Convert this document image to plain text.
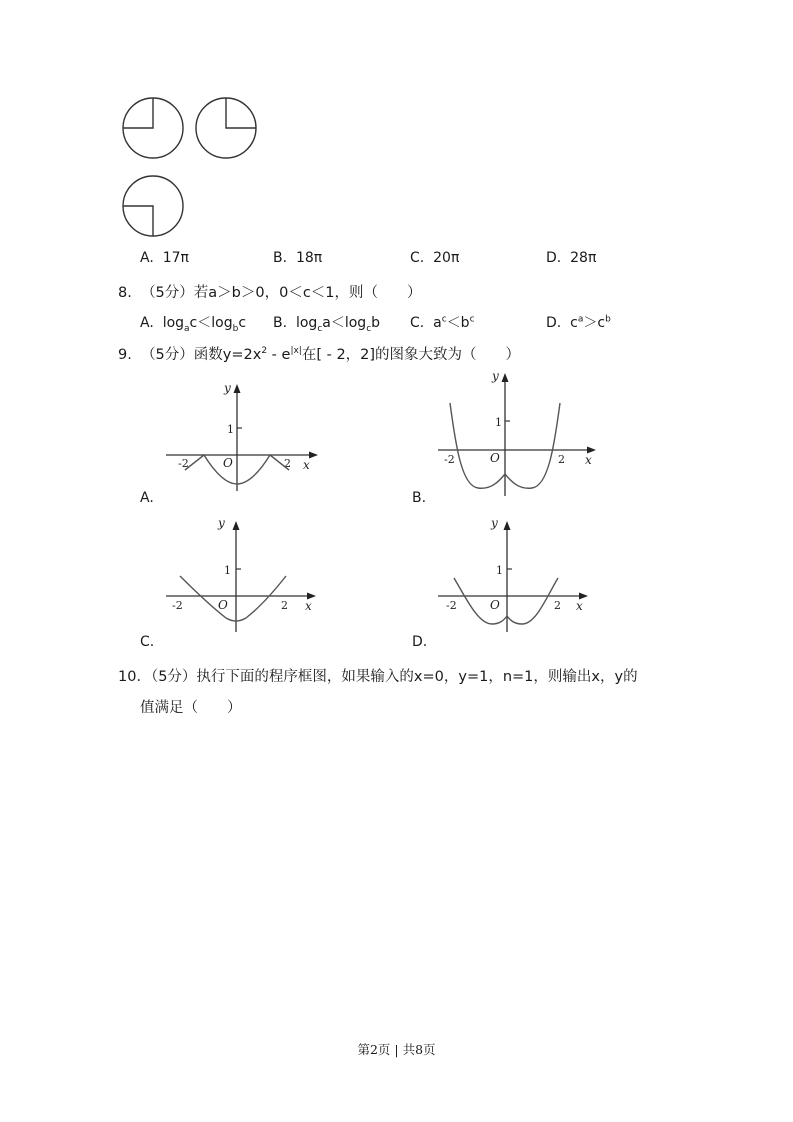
A. 17π	B. 18π	C. 20π	D. 28π
8. （5分）若a＞b＞0，0＜c＜1，则（　　）
A. $\log_ac<\log_bc$ B. $\log_ca<\log_cb$ C. $a^c<b^c$	D. $c^a>c^b$
9. （5分）函数$y=2x^2 - e^{|x|}$在[ - 2，2]的图象大致为（　　）
y
1
O
-2	2 x
A.
y
1
O
-2	2 x
B.
y
1
O
-2	2 x
C.
y
1
O
-2	2 x
D.
10．（5分）执行下面的程序框图，如果输入的x=0，y=1，n=1，则输出x，y的
值满足（　　）
第2页 | 共8页
